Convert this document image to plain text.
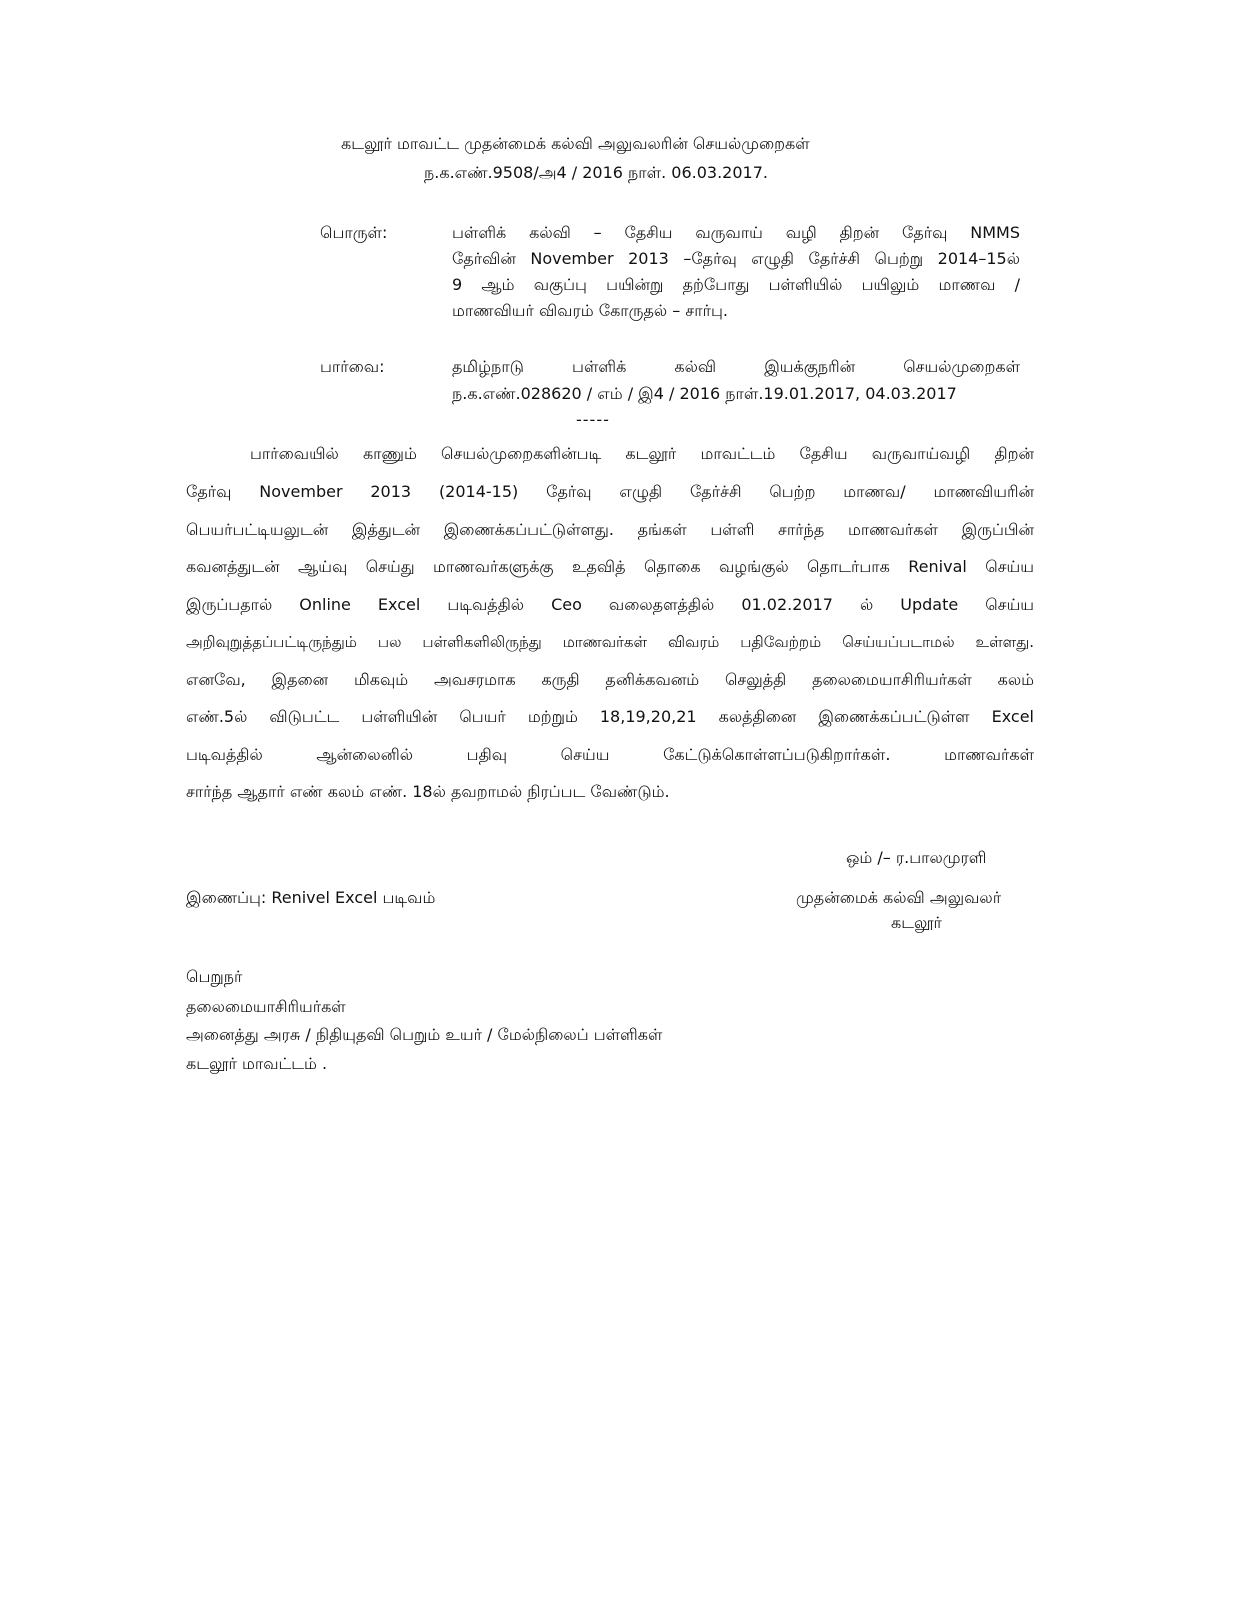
கடலூர் மாவட்ட முதன்மைக் கல்வி அலுவலரின் செயல்முறைகள்
ந.க.எண்.9508/அ4 / 2016 நாள். 06.03.2017.
பொருள்:	பள்ளிக் கல்வி – தேசிய வருவாய் வழி திறன் தேர்வு NMMS
தேர்வின் November 2013 –தேர்வு எழுதி தேர்ச்சி பெற்று 2014–15ல்
9 ஆம் வகுப்பு பயின்று தற்போது பள்ளியில் பயிலும் மாணவ /
மாணவியர் விவரம் கோருதல் – சார்பு.
பார்வை:	தமிழ்நாடு பள்ளிக் கல்வி இயக்குநரின் செயல்முறைகள்
ந.க.எண்.028620 / எம் / இ4 / 2016 நாள்.19.01.2017, 04.03.2017
-----
பார்வையில் காணும் செயல்முறைகளின்படி கடலூர் மாவட்டம் தேசிய வருவாய்வழி திறன்
தேர்வு November 2013 (2014-15) தேர்வு எழுதி தேர்ச்சி பெற்ற மாணவ/ மாணவியரின்
பெயர்பட்டியலுடன் இத்துடன் இணைக்கப்பட்டுள்ளது. தங்கள் பள்ளி சார்ந்த மாணவர்கள் இருப்பின்
கவனத்துடன் ஆய்வு செய்து மாணவர்களுக்கு உதவித் தொகை வழங்குல் தொடர்பாக Renival செய்ய
இருப்பதால் Online Excel படிவத்தில் Ceo வலைதளத்தில் 01.02.2017 ல் Update செய்ய
அறிவுறுத்தப்பட்டிருந்தும் பல பள்ளிகளிலிருந்து மாணவர்கள் விவரம் பதிவேற்றம் செய்யப்படாமல் உள்ளது.
எனவே, இதனை மிகவும் அவசரமாக கருதி தனிக்கவனம் செலுத்தி தலைமையாசிரியர்கள் கலம்
எண்.5ல் விடுபட்ட பள்ளியின் பெயர் மற்றும் 18,19,20,21 கலத்தினை இணைக்கப்பட்டுள்ள Excel
படிவத்தில் ஆன்லைனில் பதிவு செய்ய கேட்டுக்கொள்ளப்படுகிறார்கள். மாணவர்கள்
சார்ந்த ஆதார் எண் கலம் எண். 18ல் தவறாமல் நிரப்பட வேண்டும்.
ஒம் /– ர.பாலமுரளி
இணைப்பு: Renivel Excel படிவம்	முதன்மைக் கல்வி அலுவலர்
கடலூர்
பெறுநர்
தலைமையாசிரியர்கள்
அனைத்து அரசு / நிதியுதவி பெறும் உயர் / மேல்நிலைப் பள்ளிகள்
கடலூர் மாவட்டம் .
